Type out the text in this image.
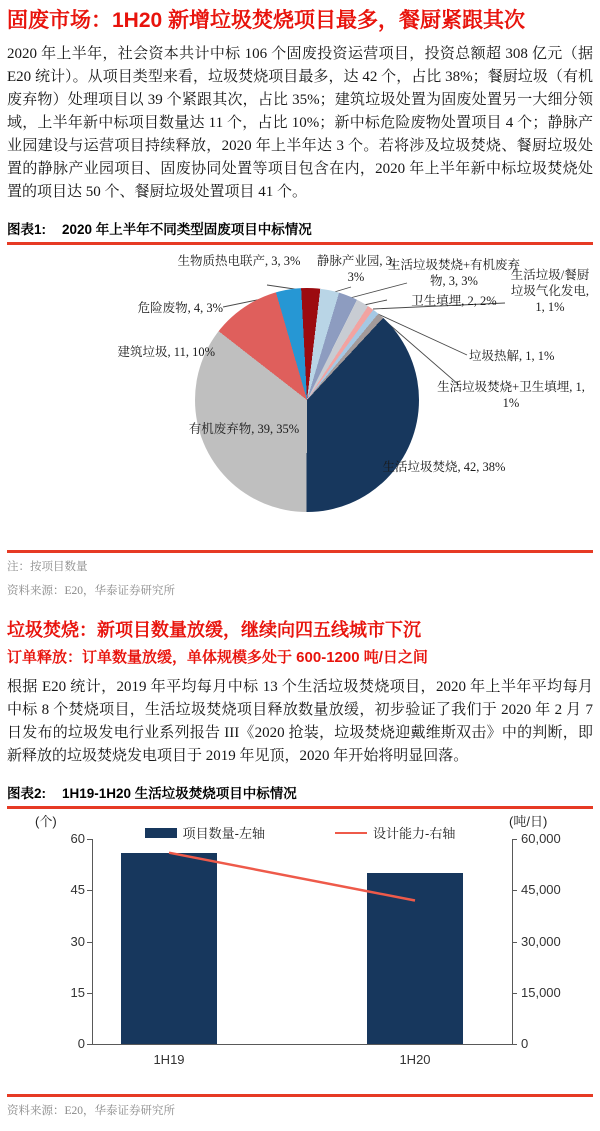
固废市场：1H20 新增垃圾焚烧项目最多，餐厨紧跟其次

2020 年上半年，社会资本共计中标 106 个固废投资运营项目，投资总额超 308 亿元（据 E20 统计）。从项目类型来看，垃圾焚烧项目最多，达 42 个，占比 38%；餐厨垃圾（有机废弃物）处理项目以 39 个紧跟其次，占比 35%；建筑垃圾处置为固废处置另一大细分领域，上半年新中标项目数量达 11 个，占比 10%；新中标危险废物处置项目 4 个；静脉产业园建设与运营项目持续释放，2020 年上半年达 3 个。若将涉及垃圾焚烧、餐厨垃圾处置的静脉产业园项目、固废协同处置等项目包含在内，2020 年上半年新中标垃圾焚烧处置的项目达 50 个、餐厨垃圾处置项目 41 个。

图表1: 2020 年上半年不同类型固废项目中标情况
生物质热电联产, 3, 3%	静脉产业园, 3, 3%
生活垃圾焚烧+有机废弃物, 3, 3%
卫生填埋, 2, 2%
生活垃圾/餐厨垃圾气化发电, 1, 1%
垃圾热解, 1, 1%
生活垃圾焚烧+卫生填埋, 1, 1%
危险废物, 4, 3%
建筑垃圾, 11, 10%
有机废弃物, 39, 35%
生活垃圾焚烧, 42, 38%
注：按项目数量
资料来源：E20，华泰证券研究所
垃圾焚烧：新项目数量放缓，继续向四五线城市下沉
订单释放：订单数量放缓，单体规模多处于 600-1200 吨/日之间

根据 E20 统计，2019 年平均每月中标 13 个生活垃圾焚烧项目，2020 年上半年平均每月中标 8 个焚烧项目，生活垃圾焚烧项目释放数量放缓，初步验证了我们于 2020 年 2 月 7 日发布的垃圾发电行业系列报告 III《2020 抢装，垃圾焚烧迎戴维斯双击》中的判断，即新释放的垃圾焚烧发电项目于 2019 年见顶，2020 年开始将明显回落。

图表2: 1H19-1H20 生活垃圾焚烧项目中标情况
(个)	(吨/日)
项目数量-左轴	设计能力-右轴
0
15
30
45
60
0
15,000
30,000
45,000
60,000
1H19	1H20
资料来源：E20，华泰证券研究所
